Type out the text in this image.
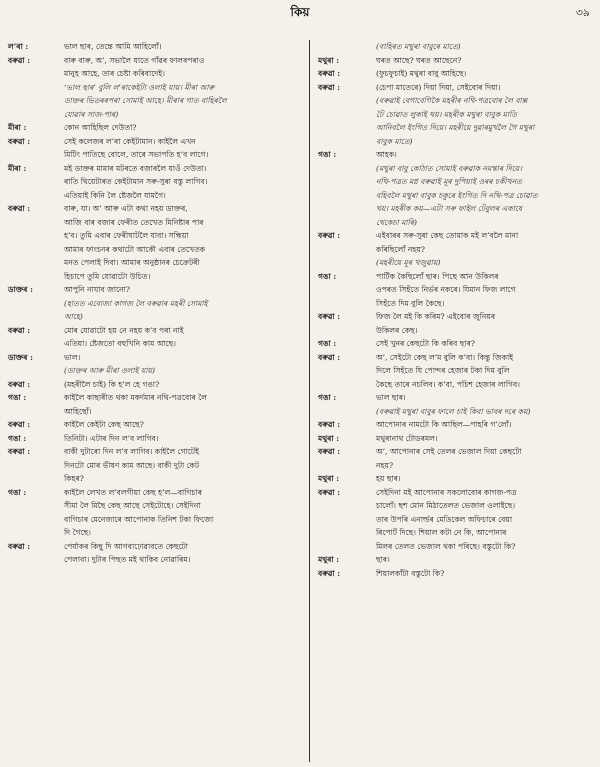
কিয়	৩৯
ল’ৰা :	ভাল ছাৰ, তেন্তে আমি আহিলোঁ।
বৰুৱা :	বাৰু বাৰু, অ’, সভালৈ যাতে গাঁৱৰ ফালৰপৰাও
মানুহ আহে, তাৰ চেষ্টা কৰিবাদেই।
‘ভাল ছাৰ’ বুলি ল’ৰাকেইটা ওলাই যায়। মীৰা আৰু
ডাক্তৰ ভিতৰৰপৰা সোমাই আহে। মীৰাৰ গাত বাহিৰলৈ
যোৱাৰ সাজ-পাৰ)
মীৰা :	কোন আহিছিল দেউতা?
বৰুৱা :	সেই কলেজৰ ল’ৰা কেইটামান। কাইলৈ এখন
মিটিং পাতিছে বোলে, তাৰে সভাপতি হ’ব লাগে।
মীৰা :	মই ডাক্তৰ মামাৰ মটৰতে বজাৰলৈ যাওঁ দেউতা।
ৰাতি থিয়েটাৰত কেইটামান সৰু-সুৰা বস্তু লাগিব।
এতিয়াই কিনি লৈ ষ্টেজলৈ যামগৈ।
বৰুৱা :	বাৰু, যা। অ’ আৰু এটা কথা নহয় ডাক্তৰ,
আজি বাৰ বজাৰ ফেৰীত তেখেত মিনিষ্টাৰ পাৰ
হ’ব। তুমি এবাৰ ফেৰীঘাটলৈ যাবা। সন্ধিয়া
আমাৰ ফাংচনৰ কথাটো আকৌ এবাৰ তেখেতক
মনত পেলাই দিবা। আমাৰ অনুষ্ঠানৰ চেক্ৰেটৰী
হিচাপে তুমি যোৱাটো উচিত।
ডাক্তৰ :	আপুনি নাযাব জানো?
(হাতত এবোজা কাগজ লৈ বৰুৱাৰ মহৰী সোমাই
আহে)
বৰুৱা :	মোৰ যোৱাটো হয় নে নহয় ক’ব পৰা নাই
এতিয়া। ষ্টেজতো বহুখিনি কাম আছে।
ডাক্তৰ :	ভাল।
(ডাক্তৰ আৰু মীৰা ওলাই যায়)
বৰুৱা :	(মহৰীলৈ চাই) কি হ’ল হে গঙা?
গঙা :	কাইলৈ কাছাৰীত থকা মকৰ্দমাৰ নথি-পত্ৰবোৰ লৈ
আহিছোঁ।
বৰুৱা :	কাইলৈ কেইটা কেছ আছে?
গঙা :	তিনিটা। এটাৰ দিন ল’ব লাগিব।
বৰুৱা :	বাকী দুটাৰো দিন ল’ব লাগিব। কাইলৈ গোটেই
দিনটো মোৰ ভীষণ কাম আছে। বাকী দুটা কেট
কিহৰ?
গঙা :	কাইলৈ লেখত ল’বলগীয়া কেছ হ’ল—বাগিচাৰ
সীমা লৈ মিছৈ কেছ আছে সেইটোহে। সেইদিনা
বাগিচাৰ মেনেজাৰে আপোনাক তিনিশ টকা ফিজো
দি গৈছে।
বৰুৱা :	পেৰ্যাকৰ কিছু দি আগবাঢ়োৱাবতে কেছটো
পেলাবা। দুটাৰ পিছত মই থাকিব নোৱাৰিম।
(বাহিৰত মথুৰা বাবুৰে মাতে)
মথুৰা :	ঘৰত আছে? ঘৰত আছেনে?
বৰুৱা :	(ফুচফুচাই) মথুৰা বাবু আহিছে।
বৰুৱা :	(চেপা মাতেৰে) দিয়া দিয়া, সেইবোৰ দিয়া।
(বৰুৱাই বেগাবেগিকৈ মহৰীৰ নথি-পত্ৰবোৰ লৈ বাক্স
টৈ চোৱাত লুকাই থয়। মহৰীক মথুৰা বাবুক মাতি
আনিবলৈ ইংগিত দিয়ে। মহৰীয়ে দুৱাৰমুখলৈ গৈ মথুৰা
বাবুক মাতে)
গঙা :	আহক।
(মথুৰা বাবু কোঠাত সোমাই বৰুৱাক নমস্কাৰ দিয়ে।
নথি-পত্ৰত মগ্ন বৰুৱাই মূৰ দুপিয়াই ওৰৰ চকীখনত
বহিবলৈ মথুৰা বাবুক চকুৰে ইংগিত দি নথি-পত্ৰ চোৱাত
থয়। মহৰীক কয়—এটা সৰু ফাইল টেবুলৰ একাষে
থেকেচা মাৰি)
বৰুৱা :	এইবাৰৰ সৰু-সুৰা কেছ তোমাক মই ল’বলৈ মানা
কৰিছিলোঁ নহয়?
(মহৰীয়ে মূৰ খজুৱায়)
গঙা :	পাৰ্টিক কৈছিলোঁ ছাৰ। পিছে আন উকিলৰ
ওপৰত সিহঁতে নিৰ্ভৰ নকৰে। যিমান ফিজ লাগে
সিহঁতে দিম বুলি কৈছে।
বৰুৱা :	ফিজ লৈ মই কি কৰিম? এইবোৰ জুনিয়ৰ
উকিলৰ কেছ।
গঙা :	সেই খুনৰ কেছটো কি কৰিব ছাৰ?
বৰুৱা :	অ’, সেইটো কেছ ল’ম বুলি ক’বা। কিন্তু জিকাই
দিলে সিহঁতে যি পোন্দৰ হেজাৰ টকা দিম বুলি
কৈছে তাৰে নচলিব। ক’বা, পচিশ হেজাৰ লাগিব।
গঙা :	ভাল ছাৰ।
(বৰুৱাই মথুৰা বাবুৰ ফালে চাই কিবা ভাবৰ দৰে কয়)
বৰুৱা :	আপোনাৰ নামটো কি আছিল—পাহৰি গ’লোঁ।
মথুৰা :	মথুৰানাথ টোডৰমল।
বৰুৱা :	অ’, আপোনাৰ সেই তেলৰ ভেজাল দিয়া কেছটো
নহয়?
মথুৰা :	হয় ছাৰ।
বৰুৱা :	সেইদিনা মই আপোনাৰ সকলোবোৰ কাগজ-পত্ৰ
চালোঁ। ছশ মোন মিঠাতেলত ভেজাল ওলাইছে।
তাৰ উপৰি এনাৰ্ল্ডৰ মেডিকেল অফিচাৰে বেয়া
ৰিপোৰ্ট দিছে। শিয়াল কটা নে কি, আপোনাৰ
মিলৰ তেলত ভেজাল থকা পৰিছে। বস্তুটো কি?
মথুৰা :	ছাৰ।
বৰুৱা :	শিয়ালকাঁটা বস্তুটো কি?
